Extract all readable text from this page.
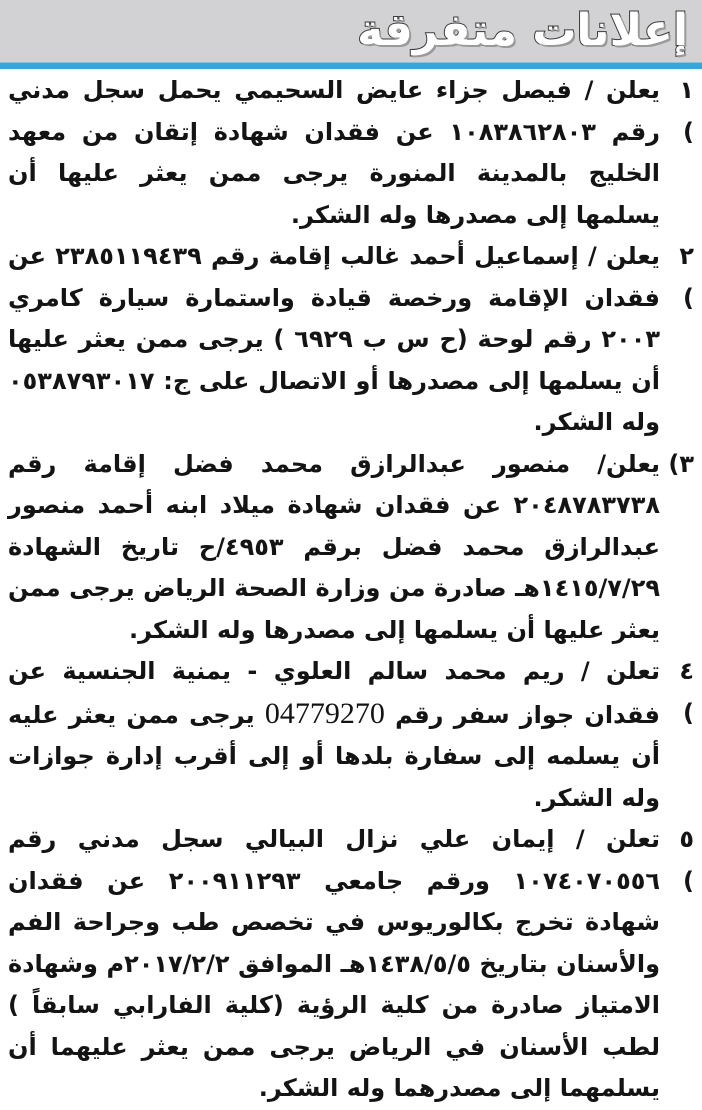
إعلانات متفرقة

١ )
يعلن / فيصل جزاء عايض السحيمي يحمل سجل مدني رقم ١٠٨٣٨٦٢٨٠٣ عن فقدان شهادة إتقان من معهد الخليج بالمدينة المنورة يرجى ممن يعثر عليها أن يسلمها إلى مصدرها وله الشكر.

٢ )
يعلن / إسماعيل أحمد غالب إقامة رقم ٢٣٨٥١١٩٤٣٩ عن فقدان الإقامة ورخصة قيادة واستمارة سيارة كامري ٢٠٠٣ رقم لوحة (ح س ب ٦٩٢٩ ) يرجى ممن يعثر عليها أن يسلمها إلى مصدرها أو الاتصال على ج: ٠٥٣٨٧٩٣٠١٧ وله الشكر.

٣)
يعلن/ منصور عبدالرازق محمد فضل إقامة رقم ٢٠٤٨٧٨٣٧٣٨ عن فقدان شهادة ميلاد ابنه أحمد منصور عبدالرازق محمد فضل برقم ٤٩٥٣/ح تاريخ الشهادة ١٤١٥/٧/٢٩هـ صادرة من وزارة الصحة الرياض يرجى ممن يعثر عليها أن يسلمها إلى مصدرها وله الشكر.

٤ )
تعلن / ريم محمد سالم العلوي - يمنية الجنسية عن فقدان جواز سفر رقم 04779270 يرجى ممن يعثر عليه أن يسلمه إلى سفارة بلدها أو إلى أقرب إدارة جوازات وله الشكر.

٥ )
تعلن / إيمان علي نزال البيالي سجل مدني رقم ١٠٧٤٠٧٠٥٥٦ ورقم جامعي ٢٠٠٩١١٢٩٣ عن فقدان شهادة تخرج بكالوريوس في تخصص طب وجراحة الفم والأسنان بتاريخ ١٤٣٨/٥/٥هـ الموافق ٢٠١٧/٢/٢م وشهادة الامتياز صادرة من كلية الرؤية (كلية الفارابي سابقاً ) لطب الأسنان في الرياض يرجى ممن يعثر عليهما أن يسلمهما إلى مصدرهما وله الشكر.
